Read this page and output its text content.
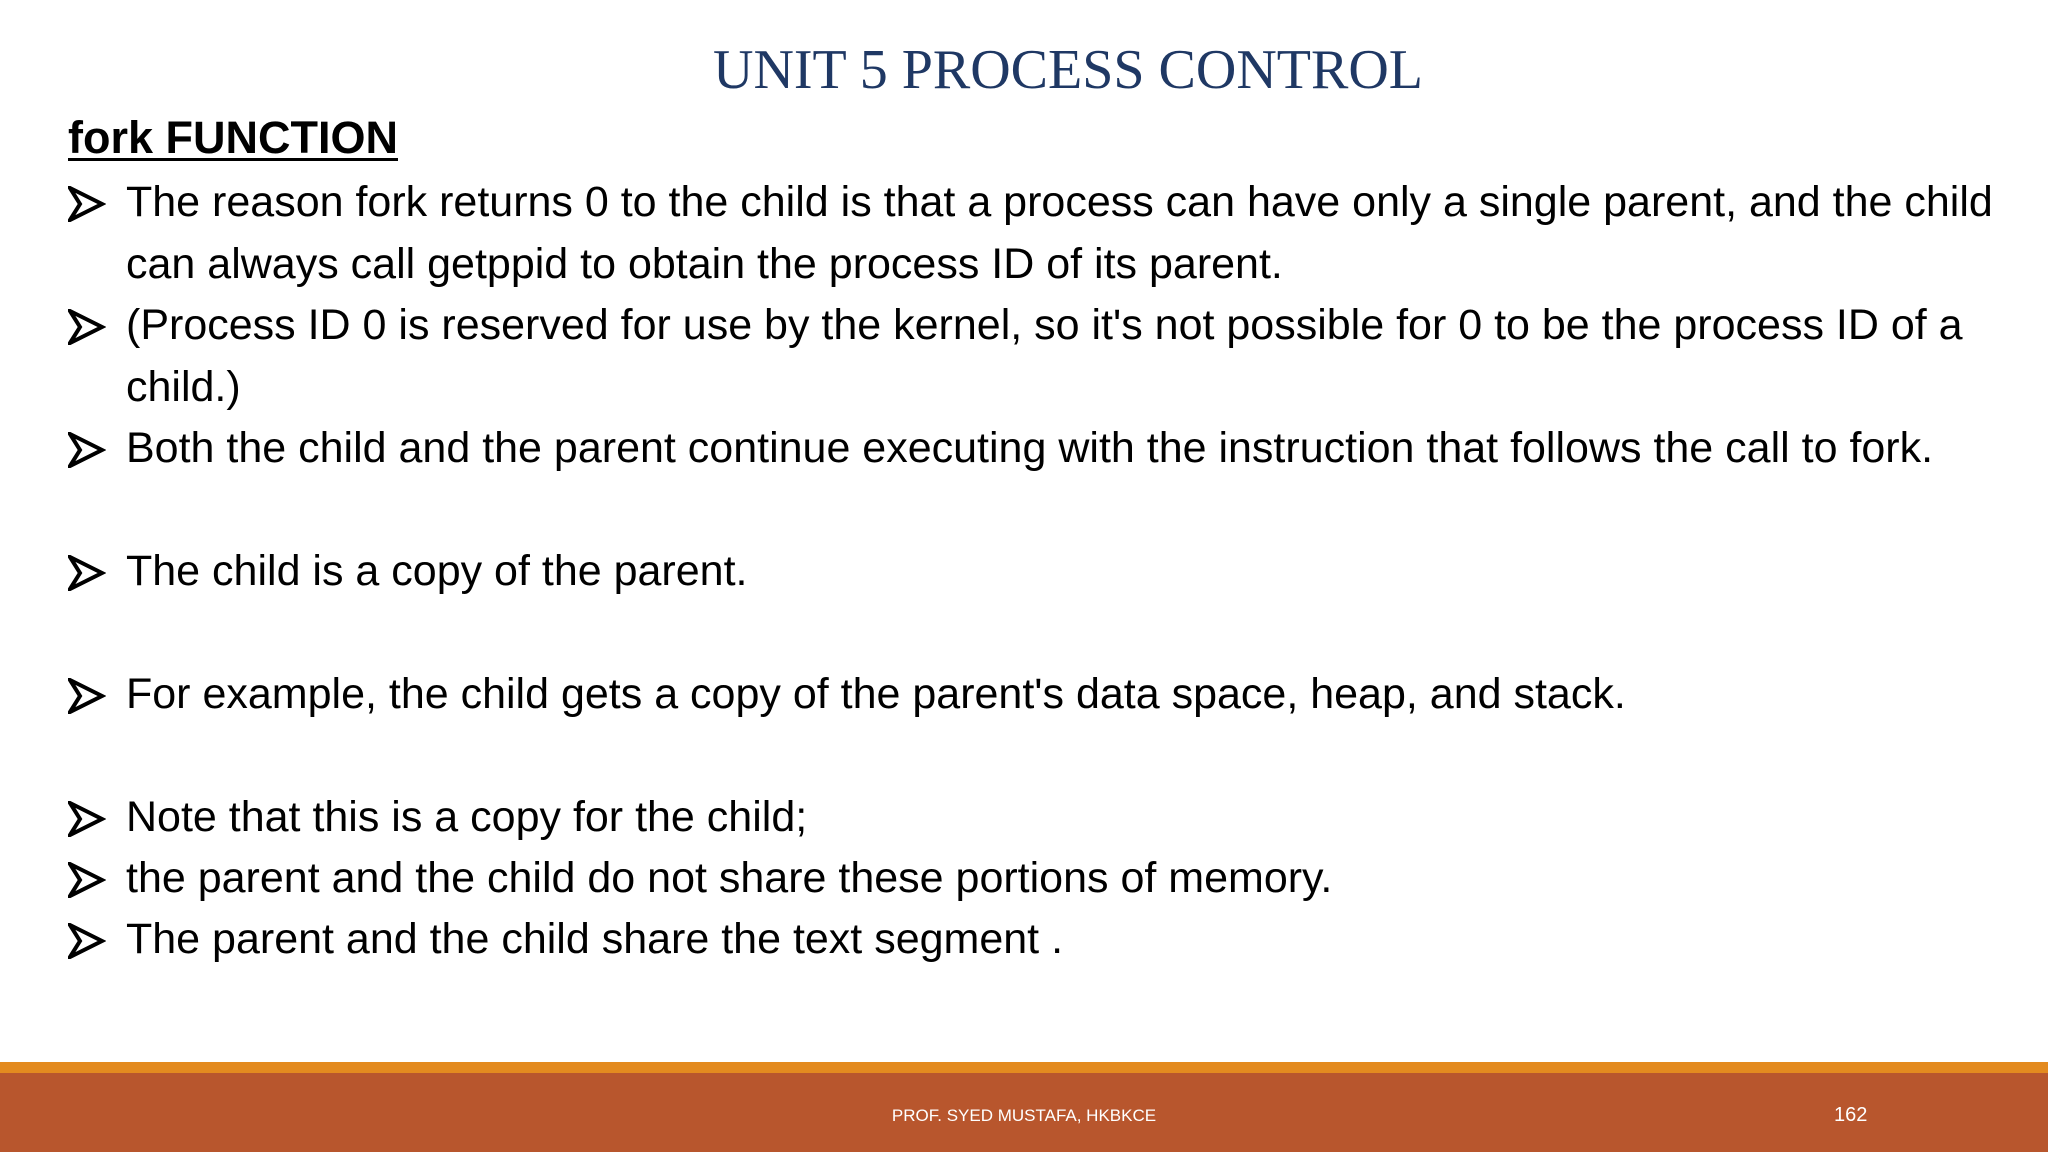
UNIT 5 PROCESS CONTROL
fork FUNCTION
The reason fork returns 0 to the child is that a process can have only a single parent, and the child can always call getppid to obtain the process ID of its parent.
(Process ID 0 is reserved for use by the kernel, so it's not possible for 0 to be the process ID of a child.)
Both the child and the parent continue executing with the instruction that follows the call to fork.
The child is a copy of the parent.
For example, the child gets a copy of the parent's data space, heap, and stack.
Note that this is a copy for the child;
the parent and the child do not share these portions of memory.
The parent and the child share the text segment .
PROF. SYED MUSTAFA, HKBKCE	162
